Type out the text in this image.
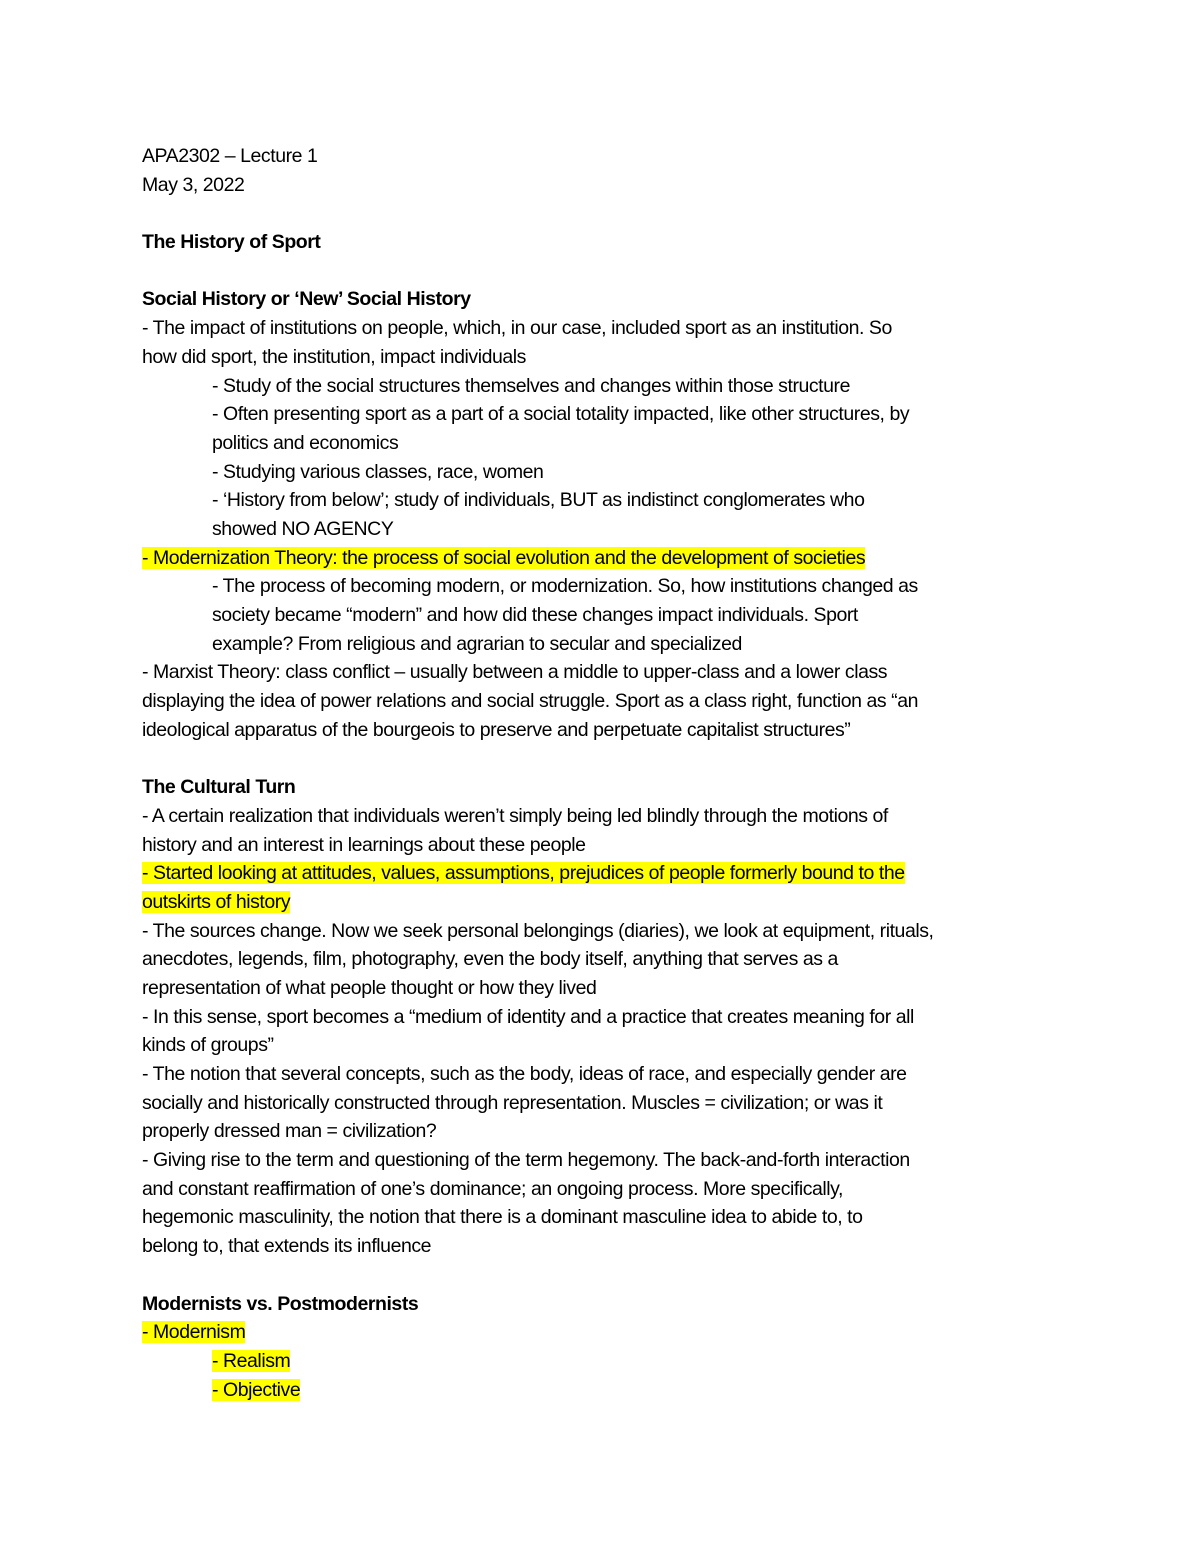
APA2302 – Lecture 1
May 3, 2022
The History of Sport
Social History or ‘New’ Social History
- The impact of institutions on people, which, in our case, included sport as an institution. So
how did sport, the institution, impact individuals
- Study of the social structures themselves and changes within those structure
- Often presenting sport as a part of a social totality impacted, like other structures, by
politics and economics
- Studying various classes, race, women
- ‘History from below’; study of individuals, BUT as indistinct conglomerates who
showed NO AGENCY
- Modernization Theory: the process of social evolution and the development of societies
- The process of becoming modern, or modernization. So, how institutions changed as
society became “modern” and how did these changes impact individuals. Sport
example? From religious and agrarian to secular and specialized
- Marxist Theory: class conflict – usually between a middle to upper-class and a lower class
displaying the idea of power relations and social struggle. Sport as a class right, function as “an
ideological apparatus of the bourgeois to preserve and perpetuate capitalist structures”
The Cultural Turn
- A certain realization that individuals weren’t simply being led blindly through the motions of
history and an interest in learnings about these people
- Started looking at attitudes, values, assumptions, prejudices of people formerly bound to the
outskirts of history
- The sources change. Now we seek personal belongings (diaries), we look at equipment, rituals,
anecdotes, legends, film, photography, even the body itself, anything that serves as a
representation of what people thought or how they lived
- In this sense, sport becomes a “medium of identity and a practice that creates meaning for all
kinds of groups”
- The notion that several concepts, such as the body, ideas of race, and especially gender are
socially and historically constructed through representation. Muscles = civilization; or was it
properly dressed man = civilization?
- Giving rise to the term and questioning of the term hegemony. The back-and-forth interaction
and constant reaffirmation of one’s dominance; an ongoing process. More specifically,
hegemonic masculinity, the notion that there is a dominant masculine idea to abide to, to
belong to, that extends its influence
Modernists vs. Postmodernists
- Modernism
- Realism
- Objective
